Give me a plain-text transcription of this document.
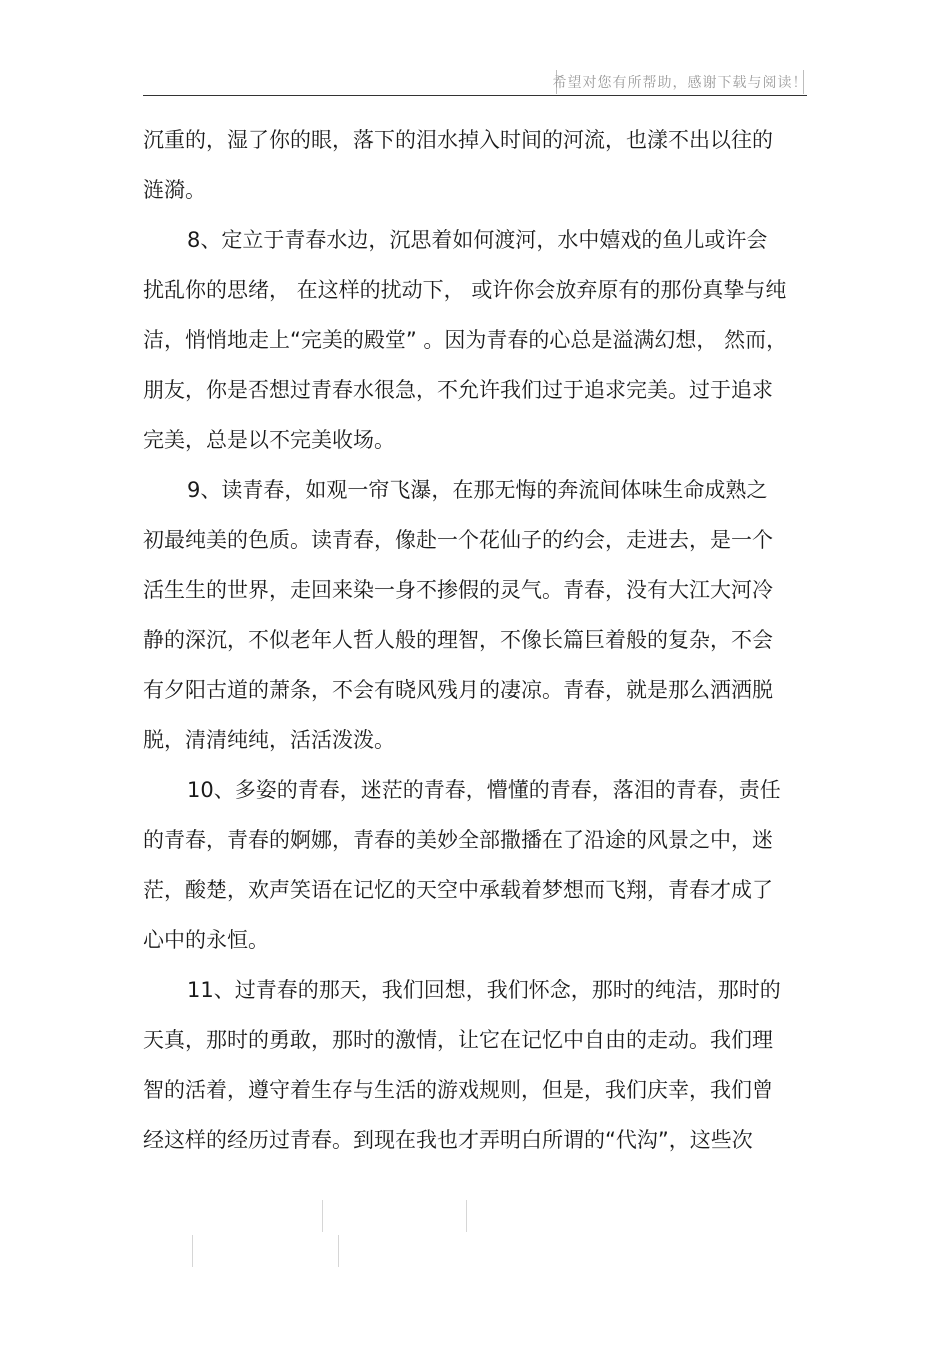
希望对您有所帮助，感谢下载与阅读！
沉重的，湿了你的眼，落下的泪水掉入时间的河流，也漾不出以往的
涟漪。
8、定立于青春水边，沉思着如何渡河，水中嬉戏的鱼儿或许会
扰乱你的思绪， 在这样的扰动下， 或许你会放弃原有的那份真挚与纯
洁，悄悄地走上“完美的殿堂” 。因为青春的心总是溢满幻想， 然而，
朋友，你是否想过青春水很急，不允许我们过于追求完美。过于追求
完美，总是以不完美收场。
9、读青春，如观一帘飞瀑，在那无悔的奔流间体味生命成熟之
初最纯美的色质。读青春，像赴一个花仙子的约会，走进去，是一个
活生生的世界，走回来染一身不掺假的灵气。青春，没有大江大河冷
静的深沉，不似老年人哲人般的理智，不像长篇巨着般的复杂，不会
有夕阳古道的萧条，不会有晓风残月的凄凉。青春，就是那么洒洒脱
脱，清清纯纯，活活泼泼。
10、多姿的青春，迷茫的青春，懵懂的青春，落泪的青春，责任
的青春，青春的婀娜，青春的美妙全部撒播在了沿途的风景之中，迷
茫，酸楚，欢声笑语在记忆的天空中承载着梦想而飞翔，青春才成了
心中的永恒。
11、过青春的那天，我们回想，我们怀念，那时的纯洁，那时的
天真，那时的勇敢，那时的激情，让它在记忆中自由的走动。我们理
智的活着，遵守着生存与生活的游戏规则，但是，我们庆幸，我们曾
经这样的经历过青春。到现在我也才弄明白所谓的“代沟”，这些次
